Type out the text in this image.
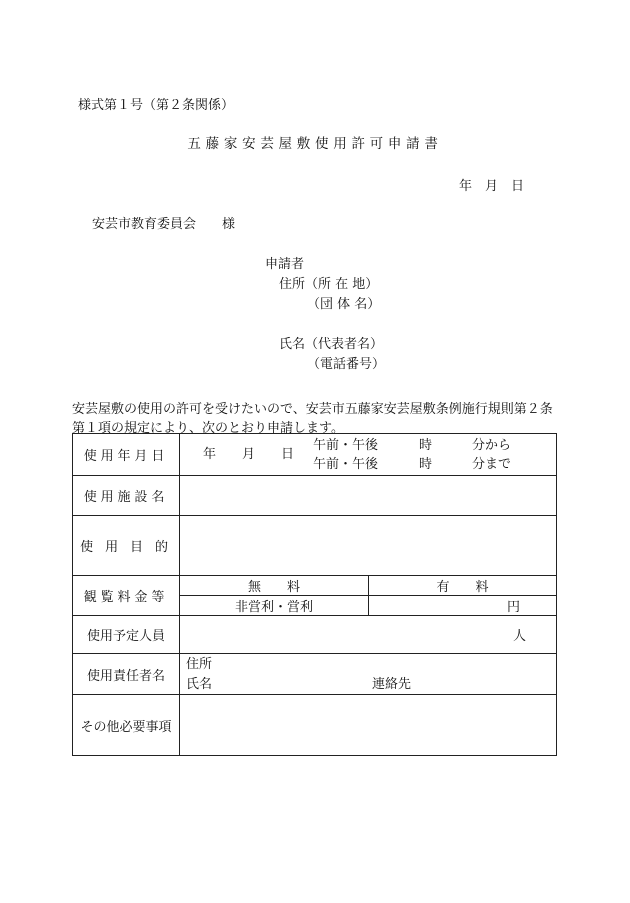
様式第１号（第２条関係）
五藤家安芸屋敷使用許可申請書
年　月　日
安芸市教育委員会　　様
申請者
住所（所 在 地）
（団 体 名）
氏名（代表者名）
（電話番号）
安芸屋敷の使用の許可を受けたいので、安芸市五藤家安芸屋敷条例施行規則第２条第１項の規定により、次のとおり申請します。
使用年月日	年　　月　　日
午前・午後	時	分から
午前・午後	時	分まで

使用施設名	
使 用 目 的	
観覧料金等	
無　　料	有　　料
非営利・営利	円

使用予定人員	人
使用責任者名	
住所
氏名	連絡先

その他必要事項	
